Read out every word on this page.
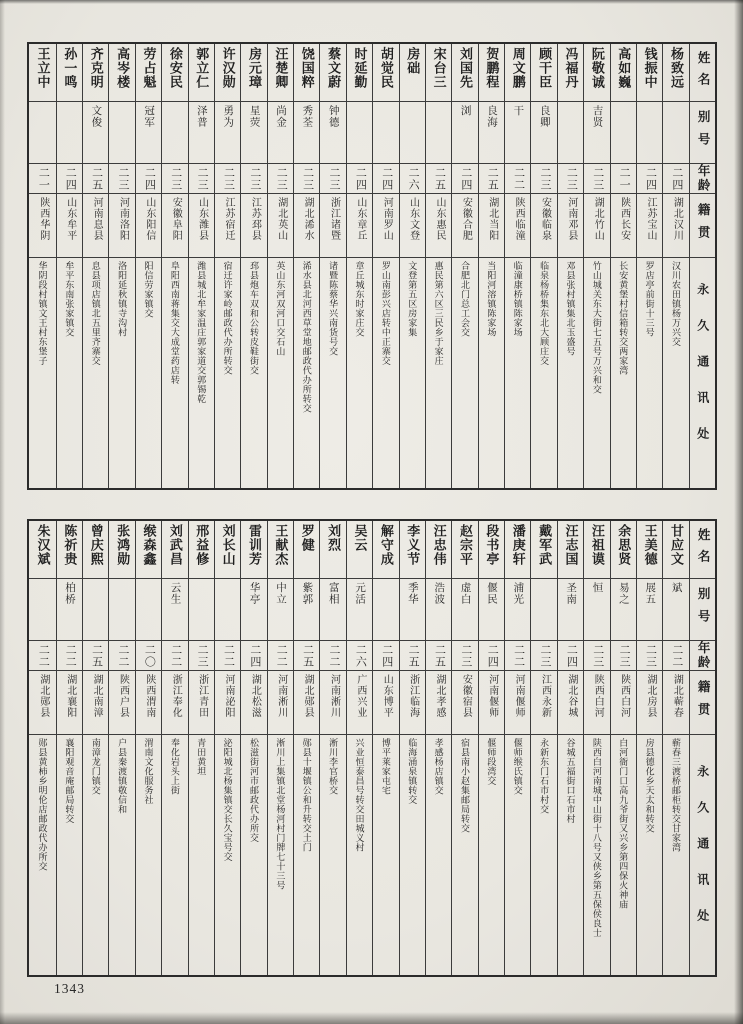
姓名
别号
年龄
籍贯
永久通讯处
杨致远
二四
湖北汉川
汉川农田镇杨万兴交
钱振中
二四
江苏宝山
罗店亭前街十三号
高如巍
二一
陕西长安
长安黄堡村信箱转交两家湾
阮敬诚
吉贤
二三
湖北竹山
竹山城关东大街七五号万兴和交
冯福丹
二三
河南邓县
邓县张村镇集北玉盛号
顾干臣
良卿
二三
安徽临泉
临泉杨桥集东北大顾庄交
周文鹏
干
二二
陕西临潼
临潼康桥镇陈家场
贺鹏程
良海
二五
湖北当阳
当阳河溶镇陈家场
刘国先
浏
二四
安徽合肥
合肥北门总工会交
宋台三
二五
山东惠民
惠民第六区三民乡于家庄
房础
二六
山东文登
文登第五区房家集
胡觉民
二四
河南罗山
罗山南彭兴店转中正寨交
时延勤
二四
山东章丘
章丘城东时家庄交
蔡文蔚
钟德
二三
浙江诸暨
诸暨陈蔡华兴南货号交
饶国粹
秀荃
二三
湖北浠水
浠水县北河西草堂地邮政代办所转交
汪楚卿
尚金
二三
湖北英山
英山东河双河口交石山
房元璋
星荧
二三
江苏邳县
邳县炮车双和公转皮鞋街交
许汉勋
勇为
二三
江苏宿迁
宿迁许家岭邮政代办所转交
郭立仁
泽普
二三
山东潍县
潍县城北牟家温庄郭家道交郭锡乾
徐安民
二三
安徽阜阳
阜阳西南蒋集交大成堂药店转
劳占魁
冠军
二四
山东阳信
阳信劳家镇交
高岑楼
二三
河南洛阳
洛阳延秋镇寺沟村
齐克明
文俊
二五
河南息县
息县项店镇北五里齐寨交
孙一鸣
二四
山东牟平
牟平东南张家镇交
王立中
二一
陕西华阴
华阴段村镇文王村东堡子
姓名
别号
年龄
籍贯
永久通讯处
甘应文
斌
二二
湖北蕲春
蕲春三渡桥邮柜转交甘家湾
王美德
展五
二三
湖北房县
房县德化乡天太和转交
余思贤
易之
二三
陕西白河
白河衙门口高九爷街又兴乡第四保火神庙
汪祖谟
恒
二三
陕西白河
陕西白河南城中山街十八号又侠乡第五保侯良士
汪志国
圣南
二四
湖北谷城
谷城五福街口石市村
戴军武
二三
江西永新
永新东门石市村交
潘庚轩
浦光
二二
河南偃师
偃师缑氏镇交
段书亭
偃民
二四
河南偃师
偃师段湾交
赵宗平
虚白
二三
安徽宿县
宿县南小赵集邮局转交
汪忠伟
浩波
二五
湖北孝感
孝感杨店镇交
李义节
季华
二五
浙江临海
临海涌泉镇转交
解守成
二四
山东博平
博平莱家屯宅
吴云
元活
二六
广西兴业
兴业恒泰昌号转交田城义村
刘烈
富相
二二
河南淅川
淅川李官桥交
罗健
紫郭
二五
湖北郧县
郧县十堰镇公和升转交土门
王献杰
中立
二二
河南淅川
淅川上集镇北堂杨河村门牌七十三号
雷训芳
华亭
二四
湖北松滋
松滋街河市邮政代办所交
刘长山
二二
河南泌阳
泌阳城北杨集镇交长久宝号交
邢益修
二三
浙江青田
青田黄坦
刘武昌
云生
二二
浙江奉化
奉化岩头上街
缑森鑫
二〇
陕西渭南
渭南文化服务社
张鸿勋
二二
陕西户县
户县秦渡镇敬信和
曾庆熙
二五
湖北南漳
南漳龙门镇交
陈祈贵
柏桥
二二
湖北襄阳
襄阳观音庵邮局转交
朱汉斌
二二
湖北郧县
郧县黄柿乡明伦店邮政代办所交
1343
